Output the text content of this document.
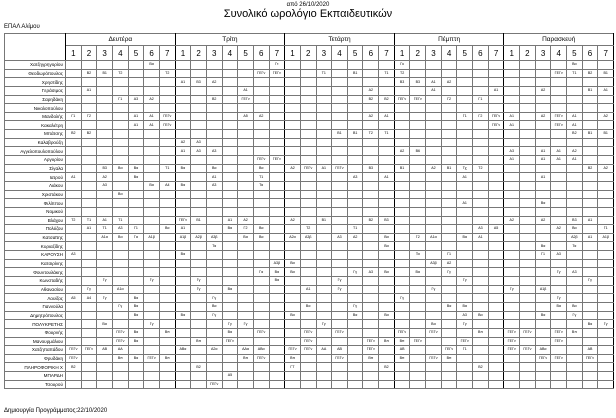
από 26/10/2020
Συνολικό ωρολόγιο Εκπαιδευτικών
ΕΠΑΛ Αλίμου
	Δευτέρα							Τρίτη							Τετάρτη							Πέμπτη							Παρασκευή						
	1	2	3	4	5	6	7	1	2	3	4	5	6	7	1	2	3	4	5	6	7	1	2	3	4	5	6	7	1	2	3	4	5	6	7
Χατζηγρηγορίου						Βα								Γτ								Γκ											Βα		
Θεοδωρόπουλος		Β2	Β1	Τ2			Τ2						ΓΕΓν	ΓΕΓν			Τ1		Β1		Τ1	Τ2										ΓΕΓν	Τ1	Β2	Β1
Χρηστίδης								Α1	Β3	Α2												Β3	Β3	Α1	Α2										
Γεράσιμος		Α1										Α1								Α2				Α1				Α1			Α2			Β1	Α1
Σαρηδάκη				Γ1	Α3	Α2				Β2		ΓΕΓν								Β2	Β2	ΓΕΓν	ΓΕΓν		Γ2		Γ1								
Νικολοπούλου																																			
Μανδολής	Γ1	Γ2			Α1	Α1	ΓΕΓν					Α5	Α2							Α2	Α1					Γ1	Γ2	ΓΕΓν	Α1		Α2	ΓΕΓν	Α1		Α2
Κακαλέτρη					Α1	Α1	ΓΕΓν																					ΓΕΓν	Α1			ΓΕΓν	Α1		
Μπάτσης	Β2	Β2																Β1	Β1	Τ2	Τ1												Β2	Β1	Β1
Καλαβρούζη								Α2	Α3																										
Αγγελοπουλοπούλου								Α1	Α3	Α3												Α2	Β6						Α3		Α1	Α1	Α2		
Αργυρίου													ΓΕΓν	ΓΕΓν															Α1		Α1	Α1	Α1		
Σίγαλα			Β3	Βα	Βα		Τ1	Βα		Βα			Βα		Α2	ΓΕΓν	Α1	ΓΕΓν		Β3		Β1		Α2	Β1	Τχ	Τ2							Β2	Α2
Ιατρού	Α1		Α2		Βα					Α1			Τ1						Α3		Α1					Α1					Α1				
Λιάκου			Α3			Βα	Α4	Βα		Α3			Τα																						
Χριστάκου				Βα																															
Φιλίππου																										Α1					Βα				
Νομικού																																			
Βλάχου	Τ2	Τ1	Α1	Τ1				ΓΕΓν	Β1		Α1	Α2			Α2		Β1			Β2	Β3								Α2		Α2		Β3	Α1	
Πολύζου		Α1	Τ1	Α3	Γ1		Βα	Α1			Βα	Γ2	Βα			Τ2			Τ1								Α3	Α5				Α2	Βα		Γ1
Κατσαϊτης			Α1α	Βα	Γα	Α1β		Α1β	Α2β	Α3β		Βα	Βα		Α2α	Α3β		Α3	Α2		Βα		Γ2	Α1α		Βα	Α1						Α2β	Α1	Α1β
Κυριαζίδης										Τα											Βα										Βα		Τα		
ΚΑΡΟΥΣΗ	Α3							Βα															Τα		Γ1						Γ1	Α3			
Κατσιρίνης														Α3β	Βα									Α3β	Α2										
Φουντουλάκης													Γα	Βα	Βα				Γγ	Α3	Βα		Βα		Γγ							Γγ	Α3		
Κωνσταδής			Γγ			Γγ			Γγ					Βα				Γγ								Γγ								Γγ	
Αθανασίου		Γγ		Α1α					Γγ		Βα					Α1		Γγ						Γγ					Γγ		Α1β				
Λουίζος	Α5	Α4	Γγ		Βα					Γγ												Γγ										Γγ			
Γιαννούλα				Γγ	Βα					Βα						Βα			Γγ						Βα	Βα						Βα	Βα		
Δημητρόπουλος					Βα			Βα		Γγ					Βα				Βα		Βα					Α3	Βα				Βα		Γγ		
ΠΟΛΥΚΡΕΤΗΣ			Βα			Γγ					Γγ	Γγ					Γγ							Βα		Γγ								Βα	Γγ
Φουρνής				ΓΕΓν	Βα		Βπ				Βα		ΓΕΓν			ΓΕΓν		ΓΕΓν				ΓΕΓν		ΓΕΓν			Βπ		ΓΕΓν	ΓΕΓν		ΓΕΓν	Βπ		
Μανουρμάλιου				ΓΕΓν	Βα				Βπ		ΓΕΓν					ΓΕΓν				ΓΕΓν	Βπ	Βπ	ΓΕΓν			ΓΕΓν			ΓΕΓν			ΓΕΓν			
Χατζηπαπάδου	ΓΕΓν	ΓΕΓν	ΑΒ	ΑΑ				ΑΒα		Α2α		ΑΑα	ΑΒα		ΓΕΓν	ΓΕΓν	ΑΑ	ΑΒ		ΓΕΓν		ΑΒ			ΓΕΓν	Γ1			ΓΕΓν	ΓΕΓν	ΑΒα			ΑΒ	
Φρυδάκη	ΓΕΓν			Βπ	Βα	ΓΕΓν	Βπ					Βπ	ΓΕΓν		Βπ			ΓΕΓν		Βπ		Βπ		ΓΕΓν	Βπ						ΓΕΓν	ΓΕΓν		ΓΕΓν	
ΠΛΗΡΟΦΟΡΙΚΗ Χ	Β2								Β2						ΓΤ						Β2						Β2								
ΜΠΑΡΔΗ											Α5																								
Τσουρού										ΓΕΓν																									
Δημιουργία Προγράμματος:22/10/2020
